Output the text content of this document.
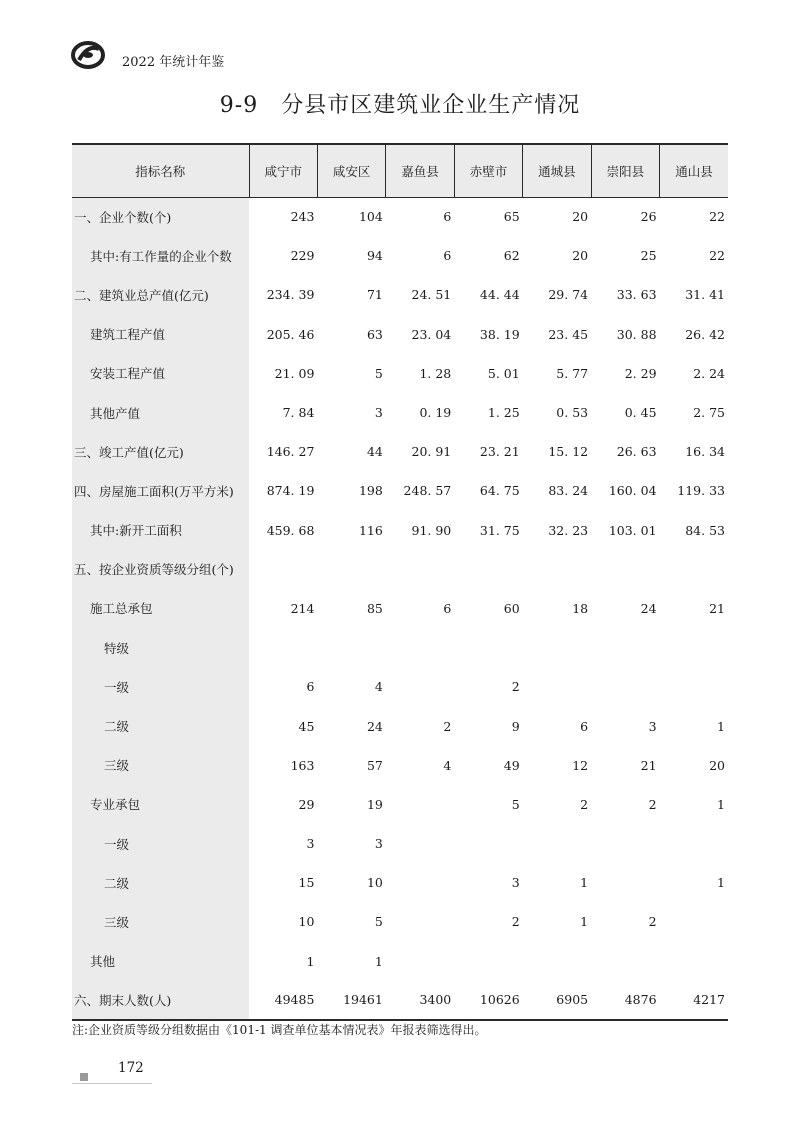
2022 年统计年鉴
9-9　分县市区建筑业企业生产情况
指标名称	咸宁市	咸安区	嘉鱼县	赤壁市	通城县	崇阳县	通山县
一、企业个数(个)	243	104	6	65	20	26	22
其中:有工作量的企业个数	229	94	6	62	20	25	22
二、建筑业总产值(亿元)	234. 39	71	24. 51	44. 44	29. 74	33. 63	31. 41
建筑工程产值	205. 46	63	23. 04	38. 19	23. 45	30. 88	26. 42
安装工程产值	21. 09	5	1. 28	5. 01	5. 77	2. 29	2. 24
其他产值	7. 84	3	0. 19	1. 25	0. 53	0. 45	2. 75
三、竣工产值(亿元)	146. 27	44	20. 91	23. 21	15. 12	26. 63	16. 34
四、房屋施工面积(万平方米)	874. 19	198	248. 57	64. 75	83. 24	160. 04	119. 33
其中:新开工面积	459. 68	116	91. 90	31. 75	32. 23	103. 01	84. 53
五、按企业资质等级分组(个)							
施工总承包	214	85	6	60	18	24	21
特级							
一级	6	4		2			
二级	45	24	2	9	6	3	1
三级	163	57	4	49	12	21	20
专业承包	29	19		5	2	2	1
一级	3	3					
二级	15	10		3	1		1
三级	10	5		2	1	2	
其他	1	1					
六、期末人数(人)	49485	19461	3400	10626	6905	4876	4217
注:企业资质等级分组数据由《101-1 调查单位基本情况表》年报表筛选得出。
172
